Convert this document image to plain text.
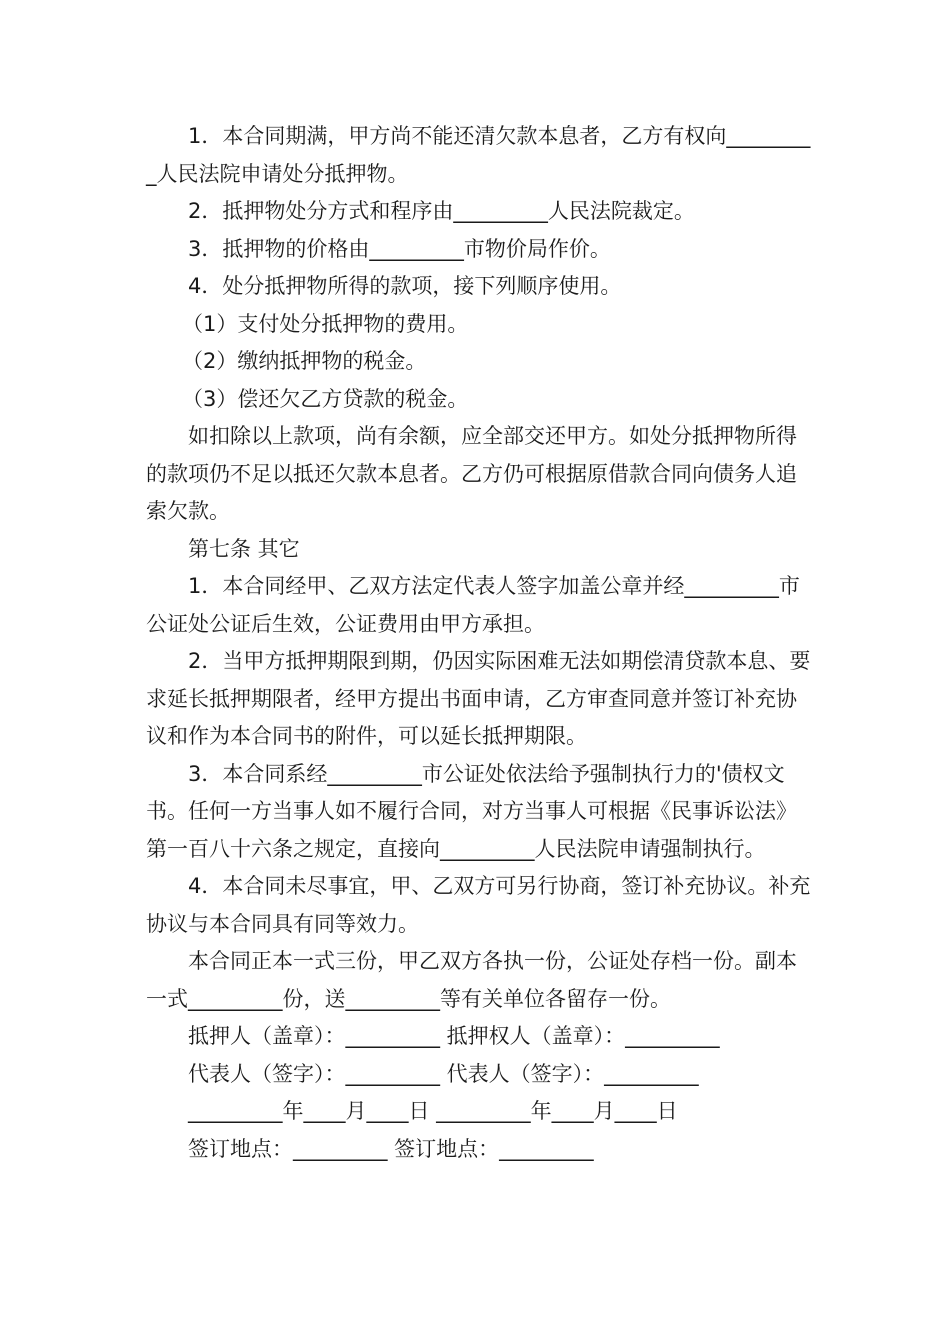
1．本合同期满，甲方尚不能还清欠款本息者，乙方有权向_________人民法院申请处分抵押物。

2．抵押物处分方式和程序由_________人民法院裁定。

3．抵押物的价格由_________市物价局作价。

4．处分抵押物所得的款项，接下列顺序使用。

（1）支付处分抵押物的费用。

（2）缴纳抵押物的税金。

（3）偿还欠乙方贷款的税金。

如扣除以上款项，尚有余额，应全部交还甲方。如处分抵押物所得的款项仍不足以抵还欠款本息者。乙方仍可根据原借款合同向债务人追索欠款。

第七条 其它

1．本合同经甲、乙双方法定代表人签字加盖公章并经_________市公证处公证后生效，公证费用由甲方承担。

2．当甲方抵押期限到期，仍因实际困难无法如期偿清贷款本息、要求延长抵押期限者，经甲方提出书面申请，乙方审查同意并签订补充协议和作为本合同书的附件，可以延长抵押期限。

3．本合同系经_________市公证处依法给予强制执行力的'债权文书。任何一方当事人如不履行合同，对方当事人可根据《民事诉讼法》第一百八十六条之规定，直接向_________人民法院申请强制执行。

4．本合同未尽事宜，甲、乙双方可另行协商，签订补充协议。补充协议与本合同具有同等效力。

本合同正本一式三份，甲乙双方各执一份，公证处存档一份。副本一式_________份，送_________等有关单位各留存一份。

抵押人（盖章）：_________ 抵押权人（盖章）：_________

代表人（签字）：_________ 代表人（签字）：_________

_________年____月____日 _________年____月____日

签订地点：_________ 签订地点：_________
